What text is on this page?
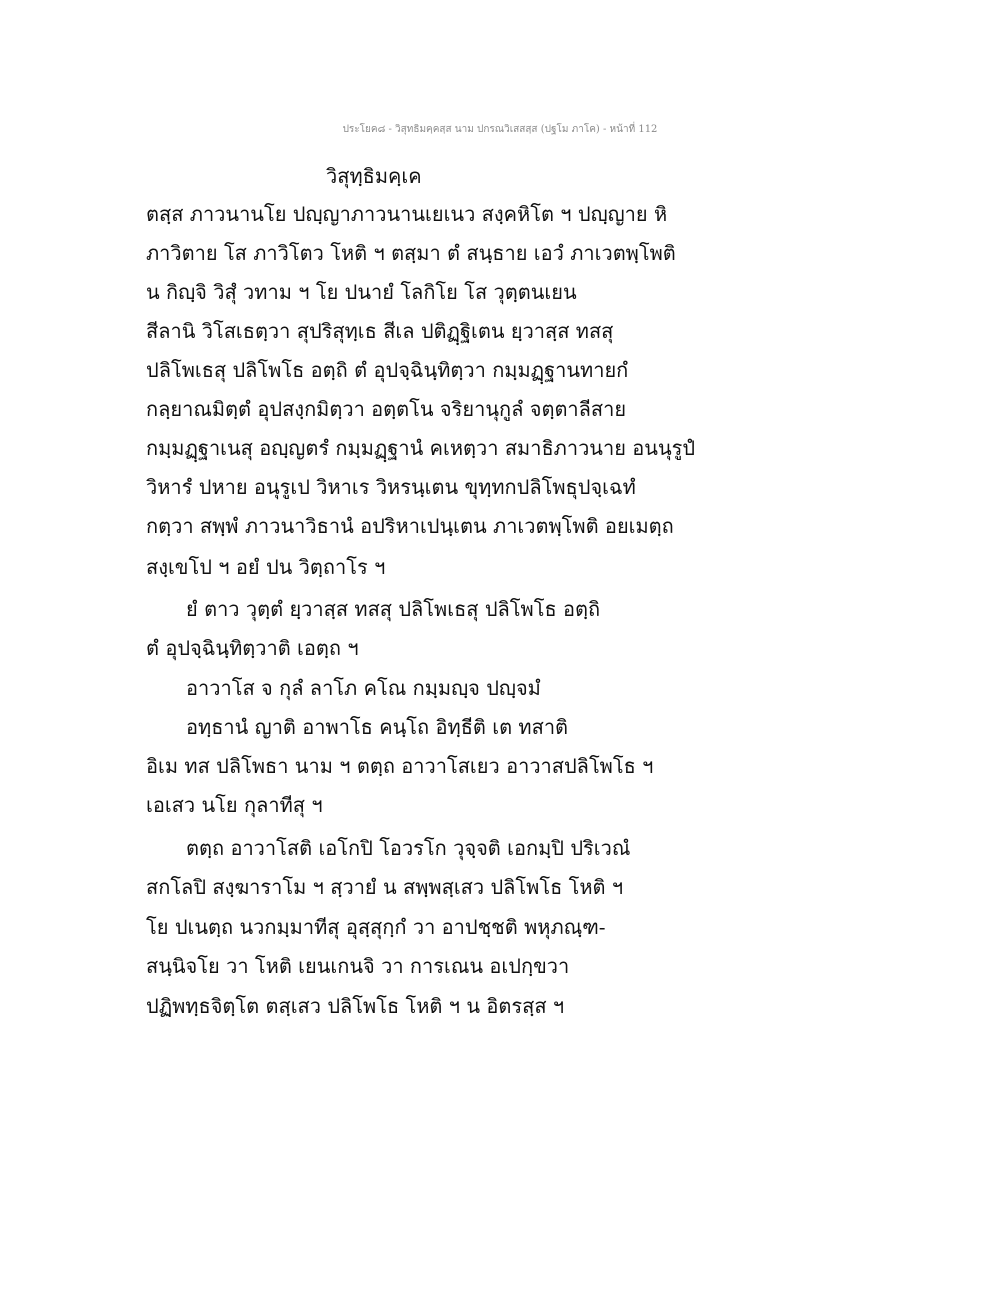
ประโยค๘ - วิสุทธิมคฺคสฺส นาม ปกรณวิเสสสฺส (ปฐโม ภาโค) - หน้าที่ 112
วิสุทฺธิมคฺเค
ตสฺส ภาวนานโย ปญฺญาภาวนานเยเนว สงฺคหิโต ฯ ปญฺญาย หิ
ภาวิตาย โส ภาวิโตว โหติ ฯ ตสฺมา ตํ สนฺธาย เอวํ ภาเวตพฺโพติ
น กิญฺจิ วิสุํ วทาม ฯ โย ปนายํ โลกิโย โส วุตฺตนเยน
สีลานิ วิโสเธตฺวา สุปริสุทฺเธ สีเล ปติฏฺฐิเตน ยฺวาสฺส ทสสุ
ปลิโพเธสุ ปลิโพโธ อตฺถิ ตํ อุปจฺฉินฺทิตฺวา กมฺมฏฺฐานทายกํ
กลฺยาณมิตฺตํ อุปสงฺกมิตฺวา อตฺตโน จริยานุกูลํ จตฺตาลีสาย
กมฺมฏฺฐาเนสุ อญฺญตรํ กมฺมฏฺฐานํ คเหตฺวา สมาธิภาวนาย อนนุรูปํ
วิหารํ ปหาย อนุรูเป วิหาเร วิหรนฺเตน ขุทฺทกปลิโพธุปจฺเฉทํ
กตฺวา สพฺพํ ภาวนาวิธานํ อปริหาเปนฺเตน ภาเวตพฺโพติ อยเมตฺถ
สงฺเขโป ฯ อยํ ปน วิตฺถาโร ฯ
ยํ ตาว วุตฺตํ ยฺวาสฺส ทสสุ ปลิโพเธสุ ปลิโพโธ อตฺถิ
ตํ อุปจฺฉินฺทิตฺวาติ เอตฺถ ฯ
อาวาโส จ กุลํ ลาโภ คโณ กมฺมญฺจ ปญฺจมํ
อทฺธานํ ญาติ อาพาโธ คนฺโถ อิทฺธีติ เต ทสาติ
อิเม ทส ปลิโพธา นาม ฯ ตตฺถ อาวาโสเยว อาวาสปลิโพโธ ฯ
เอเสว นโย กุลาทีสุ ฯ
ตตฺถ อาวาโสติ เอโกปิ โอวรโก วุจฺจติ เอกมฺปิ ปริเวณํ
สกโลปิ สงฺฆาราโม ฯ สฺวายํ น สพฺพสฺเสว ปลิโพโธ โหติ ฯ
โย ปเนตฺถ นวกมฺมาทีสุ อุสฺสุกฺกํ วา อาปชฺชติ พหุภณฺฑ-
สนฺนิจโย วา โหติ เยนเกนจิ วา การเณน อเปกฺขวา
ปฏิพทฺธจิตฺโต ตสฺเสว ปลิโพโธ โหติ ฯ น อิตรสฺส ฯ
